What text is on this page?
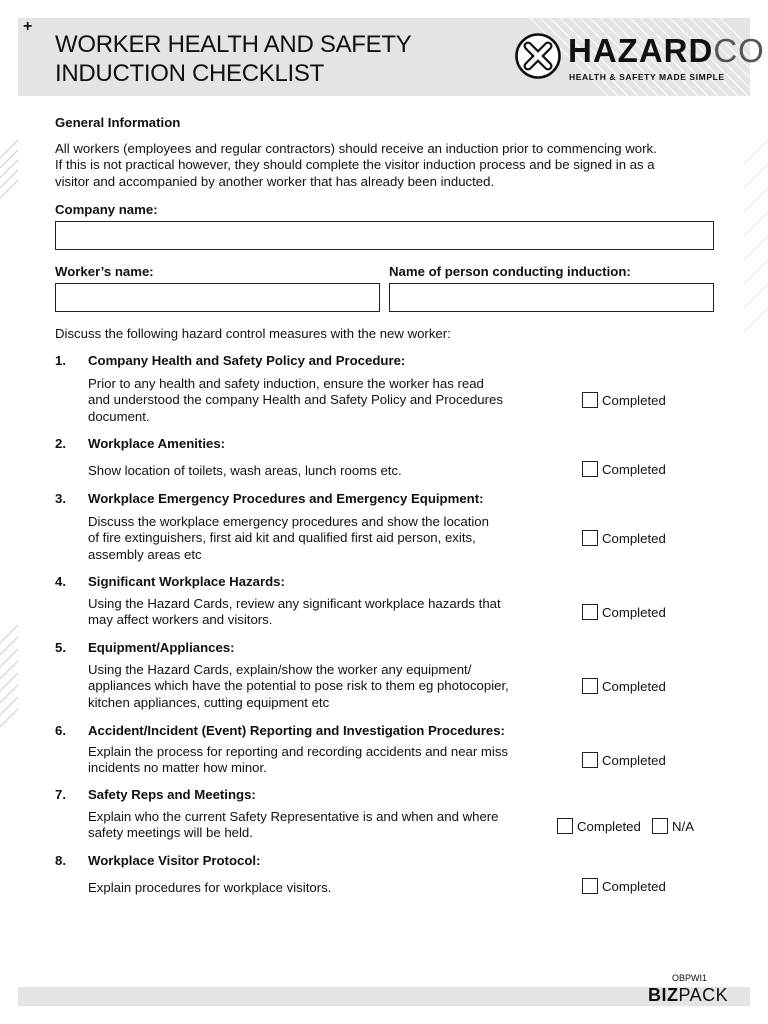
WORKER HEALTH AND SAFETY
INDUCTION CHECKLIST
HAZARDCO
HEALTH & SAFETY MADE SIMPLE
+
General Information
All workers (employees and regular contractors) should receive an induction prior to commencing work.
If this is not practical however, they should complete the visitor induction process and be signed in as a
visitor and accompanied by another worker that has already been inducted.
Company name:
Worker’s name:	Name of person conducting induction:
Discuss the following hazard control measures with the new worker:
1. Company Health and Safety Policy and Procedure:
Prior to any health and safety induction, ensure the worker has read
and understood the company Health and Safety Policy and Procedures
document.
Completed
2. Workplace Amenities:
Show location of toilets, wash areas, lunch rooms etc.	Completed
3. Workplace Emergency Procedures and Emergency Equipment:
Discuss the workplace emergency procedures and show the location
of fire extinguishers, first aid kit and qualified first aid person, exits,
assembly areas etc
Completed
4. Significant Workplace Hazards:
Using the Hazard Cards, review any significant workplace hazards that
may affect workers and visitors.
Completed
5. Equipment/Appliances:
Using the Hazard Cards, explain/show the worker any equipment/
appliances which have the potential to pose risk to them eg photocopier,
kitchen appliances, cutting equipment etc
Completed
6. Accident/Incident (Event) Reporting and Investigation Procedures:
Explain the process for reporting and recording accidents and near miss
incidents no matter how minor.
Completed
7. Safety Reps and Meetings:
Explain who the current Safety Representative is and when and where
safety meetings will be held.	Completed N/A
8. Workplace Visitor Protocol:
Explain procedures for workplace visitors.	Completed
OBPWI1
BIZPACK
